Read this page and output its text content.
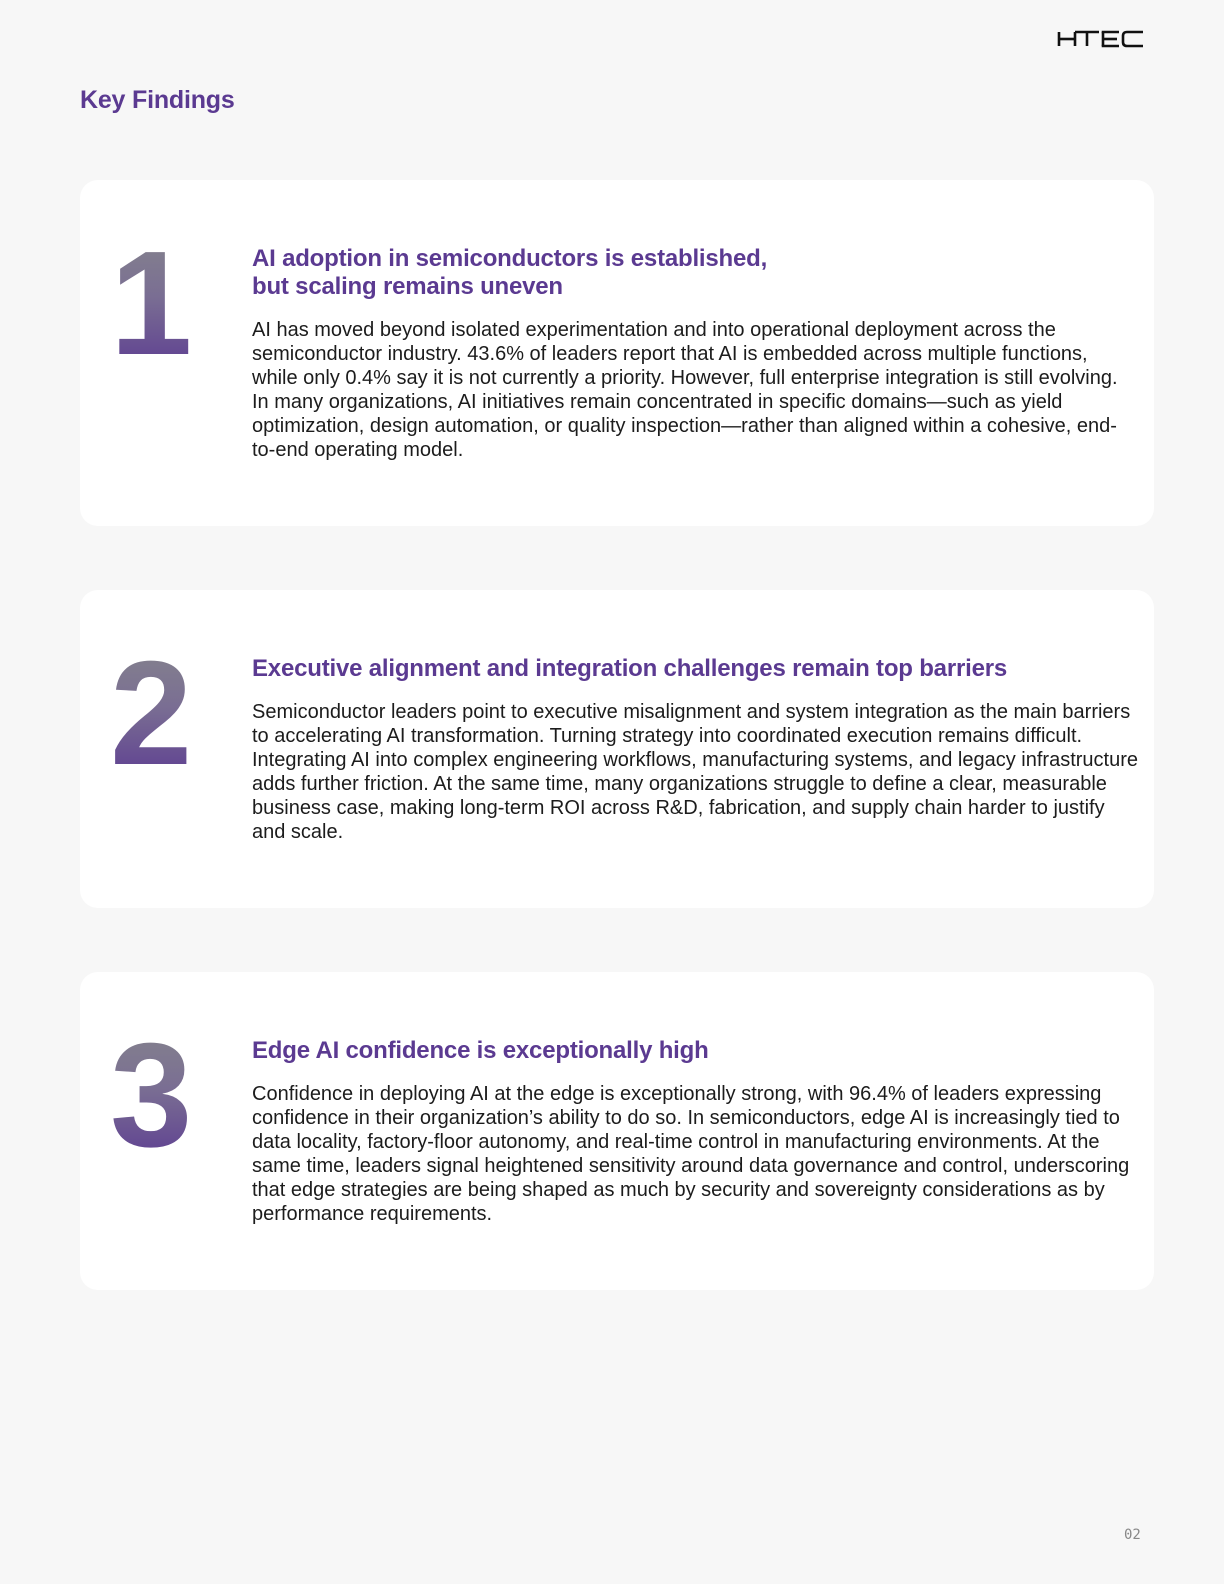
Key Findings
1 AI adoption in semiconductors is established,
but scaling remains uneven

AI has moved beyond isolated experimentation and into operational deployment across the semiconductor industry. 43.6% of leaders report that AI is embedded across multiple functions, while only 0.4% say it is not currently a priority. However, full enterprise integration is still evolving. In many organizations, AI initiatives remain concentrated in specific domains—such as yield optimization, design automation, or quality inspection—rather than aligned within a cohesive, end-to-end operating model.

2 Executive alignment and integration challenges remain top barriers

Semiconductor leaders point to executive misalignment and system integration as the main barriers to accelerating AI transformation. Turning strategy into coordinated execution remains difficult. Integrating AI into complex engineering workflows, manufacturing systems, and legacy infrastructure adds further friction. At the same time, many organizations struggle to define a clear, measurable business case, making long-term ROI across R&D, fabrication, and supply chain harder to justify and scale.

3 Edge AI confidence is exceptionally high

Confidence in deploying AI at the edge is exceptionally strong, with 96.4% of leaders expressing confidence in their organization’s ability to do so. In semiconductors, edge AI is increasingly tied to data locality, factory-floor autonomy, and real-time control in manufacturing environments. At the same time, leaders signal heightened sensitivity around data governance and control, underscoring that edge strategies are being shaped as much by security and sovereignty considerations as by performance requirements.

02
